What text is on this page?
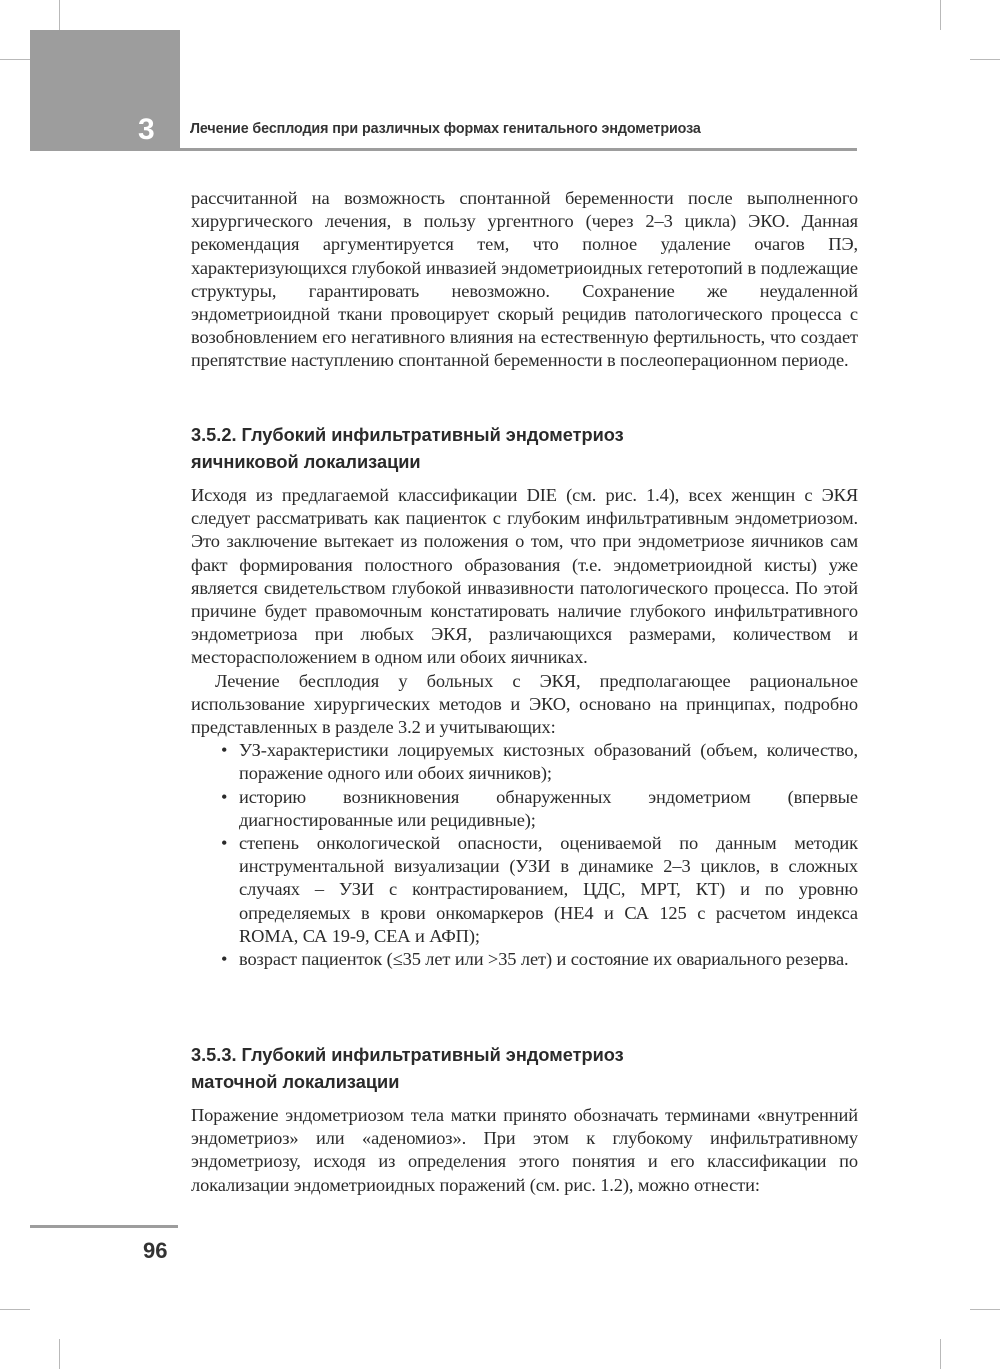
3	Лечение бесплодия при различных формах генитального эндометриоза

рассчитанной на возможность спонтанной беременности после выполненного хирургического лечения, в пользу ургентного (через 2–3 цикла) ЭКО. Данная рекомендация аргументируется тем, что полное удаление очагов ПЭ, характеризующихся глубокой инвазией эндометриоидных гетеротопий в подлежащие структуры, гарантировать невозможно. Сохранение же неудаленной эндометриоидной ткани провоцирует скорый рецидив патологического процесса с возобновлением его негативного влияния на естественную фертильность, что создает препятствие наступлению спонтанной беременности в послеоперационном периоде.

3.5.2. Глубокий инфильтративный эндометриоз
яичниковой локализации

Исходя из предлагаемой классификации DIE (см. рис. 1.4), всех женщин с ЭКЯ следует рассматривать как пациенток с глубоким инфильтративным эндометриозом. Это заключение вытекает из положения о том, что при эндометриозе яичников сам факт формирования полостного образования (т.е. эндометриоидной кисты) уже является свидетельством глубокой инвазивности патологического процесса. По этой причине будет правомочным констатировать наличие глубокого инфильтративного эндометриоза при любых ЭКЯ, различающихся размерами, количеством и месторасположением в одном или обоих яичниках.

Лечение бесплодия у больных с ЭКЯ, предполагающее рациональное использование хирургических методов и ЭКО, основано на принципах, подробно представленных в разделе 3.2 и учитывающих:

• УЗ-характеристики лоцируемых кистозных образований (объем, количество, поражение одного или обоих яичников);
• историю возникновения обнаруженных эндометриом (впервые диагностированные или рецидивные);
• степень онкологической опасности, оцениваемой по данным методик инструментальной визуализации (УЗИ в динамике 2–3 циклов, в сложных случаях – УЗИ с контрастированием, ЦДС, МРТ, КТ) и по уровню определяемых в крови онкомаркеров (НЕ4 и СА 125 с расчетом индекса ROMA, СА 19-9, СЕА и АФП);
• возраст пациенток (≤35 лет или >35 лет) и состояние их овариального резерва.
3.5.3. Глубокий инфильтративный эндометриоз
маточной локализации

Поражение эндометриозом тела матки принято обозначать терминами «внутренний эндометриоз» или «аденомиоз». При этом к глубокому инфильтративному эндометриозу, исходя из определения этого понятия и его классификации по локализации эндометриоидных поражений (см. рис. 1.2), можно отнести:

96
